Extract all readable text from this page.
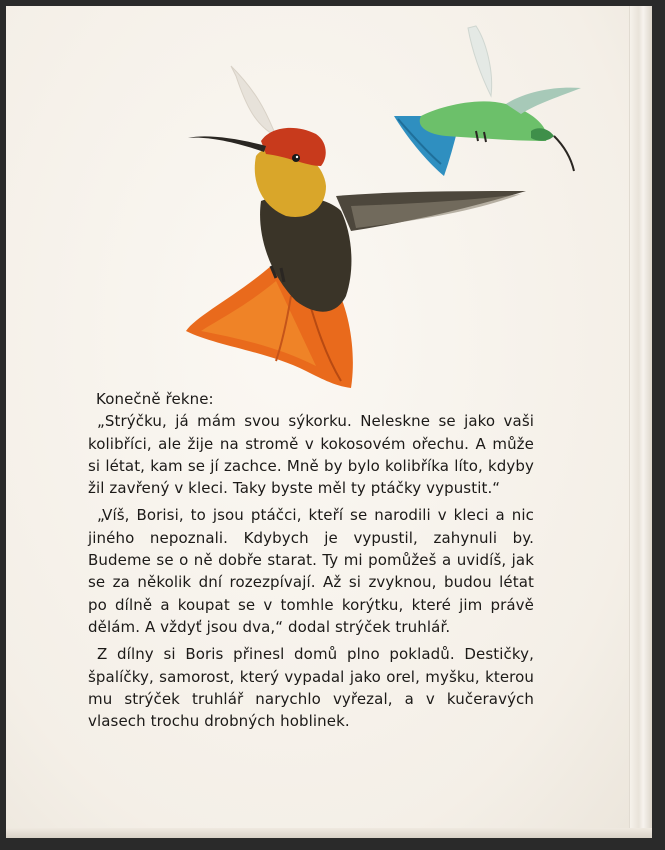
Konečně řekne:

„Strýčku, já mám svou sýkorku. Neleskne se jako vaši kolibříci, ale žije na stromě v kokosovém ořechu. A může si létat, kam se jí zachce. Mně by bylo kolibříka líto, kdyby žil zavřený v kleci. Taky byste měl ty ptáčky vypustit.“

„Víš, Borisi, to jsou ptáčci, kteří se narodili v kleci a nic jiného nepoznali. Kdybych je vypustil, zahynuli by. Budeme se o ně dobře starat. Ty mi pomůžeš a uvidíš, jak se za několik dní rozezpívají. Až si zvyknou, budou létat po dílně a koupat se v tomhle korýtku, které jim právě dělám. A vždyť jsou dva,“ dodal strýček truhlář.

Z dílny si Boris přinesl domů plno pokladů. Destičky, špalíčky, samorost, který vypadal jako orel, myšku, kterou mu strýček truhlář narychlo vyřezal, a v kučeravých vlasech trochu drobných hoblinek.
